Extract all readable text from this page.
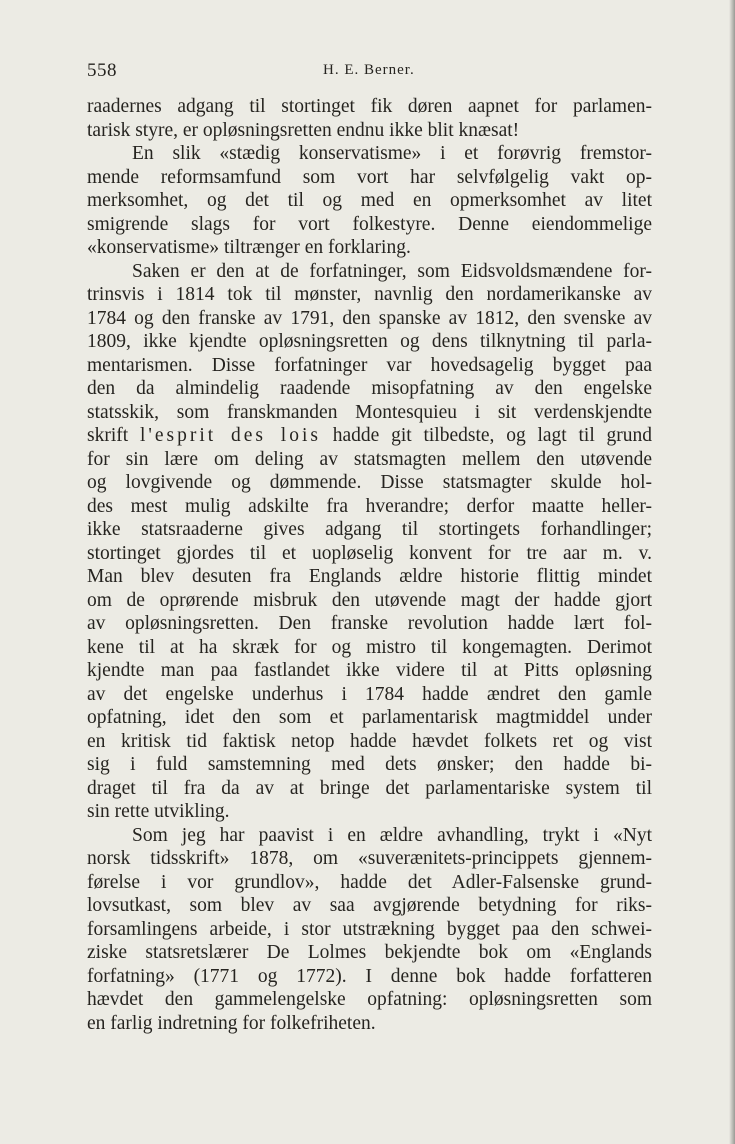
558	H. E. Berner.
raadernes adgang til stortinget fik døren aapnet for parlamen-
tarisk styre, er opløsningsretten endnu ikke blit knæsat!
En slik «stædig konservatisme» i et forøvrig fremstor-
mende reformsamfund som vort har selvfølgelig vakt op-
merksomhet, og det til og med en opmerksomhet av litet
smigrende slags for vort folkestyre. Denne eiendommelige
«konservatisme» tiltrænger en forklaring.
Saken er den at de forfatninger, som Eidsvoldsmændene for-
trinsvis i 1814 tok til mønster, navnlig den nordamerikanske av
1784 og den franske av 1791, den spanske av 1812, den svenske av
1809, ikke kjendte opløsningsretten og dens tilknytning til parla-
mentarismen. Disse forfatninger var hovedsagelig bygget paa
den da almindelig raadende misopfatning av den engelske
statsskik, som franskmanden Montesquieu i sit verdenskjendte
skrift l'esprit des lois hadde git tilbedste, og lagt til grund
for sin lære om deling av statsmagten mellem den utøvende
og lovgivende og dømmende. Disse statsmagter skulde hol-
des mest mulig adskilte fra hverandre; derfor maatte heller-
ikke statsraaderne gives adgang til stortingets forhandlinger;
stortinget gjordes til et uopløselig konvent for tre aar m. v.
Man blev desuten fra Englands ældre historie flittig mindet
om de oprørende misbruk den utøvende magt der hadde gjort
av opløsningsretten. Den franske revolution hadde lært fol-
kene til at ha skræk for og mistro til kongemagten. Derimot
kjendte man paa fastlandet ikke videre til at Pitts opløsning
av det engelske underhus i 1784 hadde ændret den gamle
opfatning, idet den som et parlamentarisk magtmiddel under
en kritisk tid faktisk netop hadde hævdet folkets ret og vist
sig i fuld samstemning med dets ønsker; den hadde bi-
draget til fra da av at bringe det parlamentariske system til
sin rette utvikling.
Som jeg har paavist i en ældre avhandling, trykt i «Nyt
norsk tidsskrift» 1878, om «suverænitets-princippets gjennem-
førelse i vor grundlov», hadde det Adler-Falsenske grund-
lovsutkast, som blev av saa avgjørende betydning for riks-
forsamlingens arbeide, i stor utstrækning bygget paa den schwei-
ziske statsretslærer De Lolmes bekjendte bok om «Englands
forfatning» (1771 og 1772). I denne bok hadde forfatteren
hævdet den gammelengelske opfatning: opløsningsretten som
en farlig indretning for folkefriheten.
